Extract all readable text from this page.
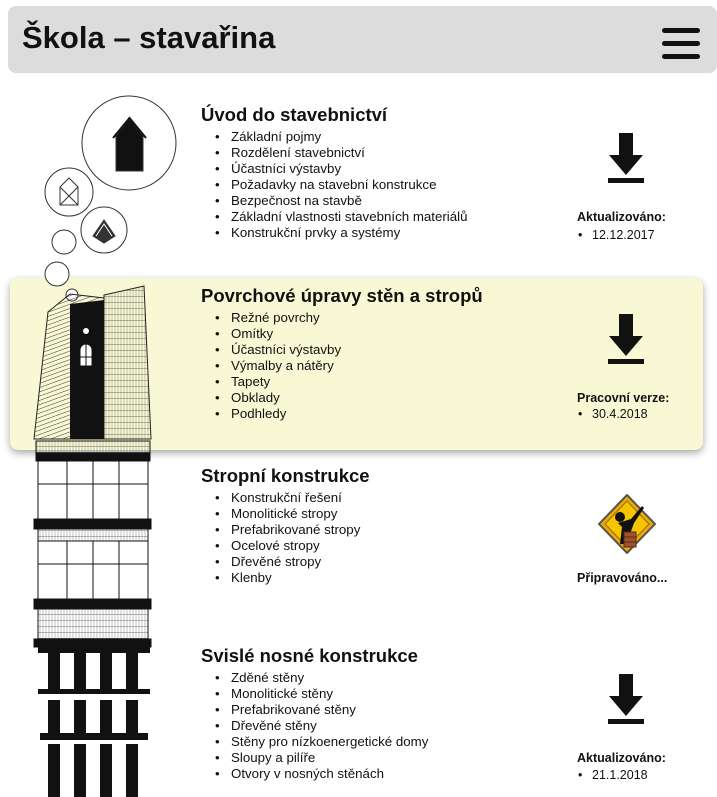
Škola – stavařina
Úvod do stavebnictví
• Základní pojmy
• Rozdělení stavebnictví
• Účastníci výstavby
• Požadavky na stavební konstrukce
• Bezpečnost na stavbě
• Základní vlastnosti stavebních materiálů
• Konstrukční prvky a systémy
Aktualizováno:
• 12.12.2017
Povrchové úpravy stěn a stropů
• Režné povrchy
• Omítky
• Účastníci výstavby
• Výmalby a nátěry
• Tapety
• Obklady
• Podhledy
Pracovní verze:
• 30.4.2018
Stropní konstrukce
• Konstrukční řešení
• Monolitické stropy
• Prefabrikované stropy
• Ocelové stropy
• Dřevěné stropy
• Klenby	Připravováno...
Svislé nosné konstrukce
• Zděné stěny
• Monolitické stěny
• Prefabrikované stěny
• Dřevěné stěny
• Stěny pro nízkoenergetické domy
• Sloupy a pilíře
• Otvory v nosných stěnách
Aktualizováno:
• 21.1.2018
